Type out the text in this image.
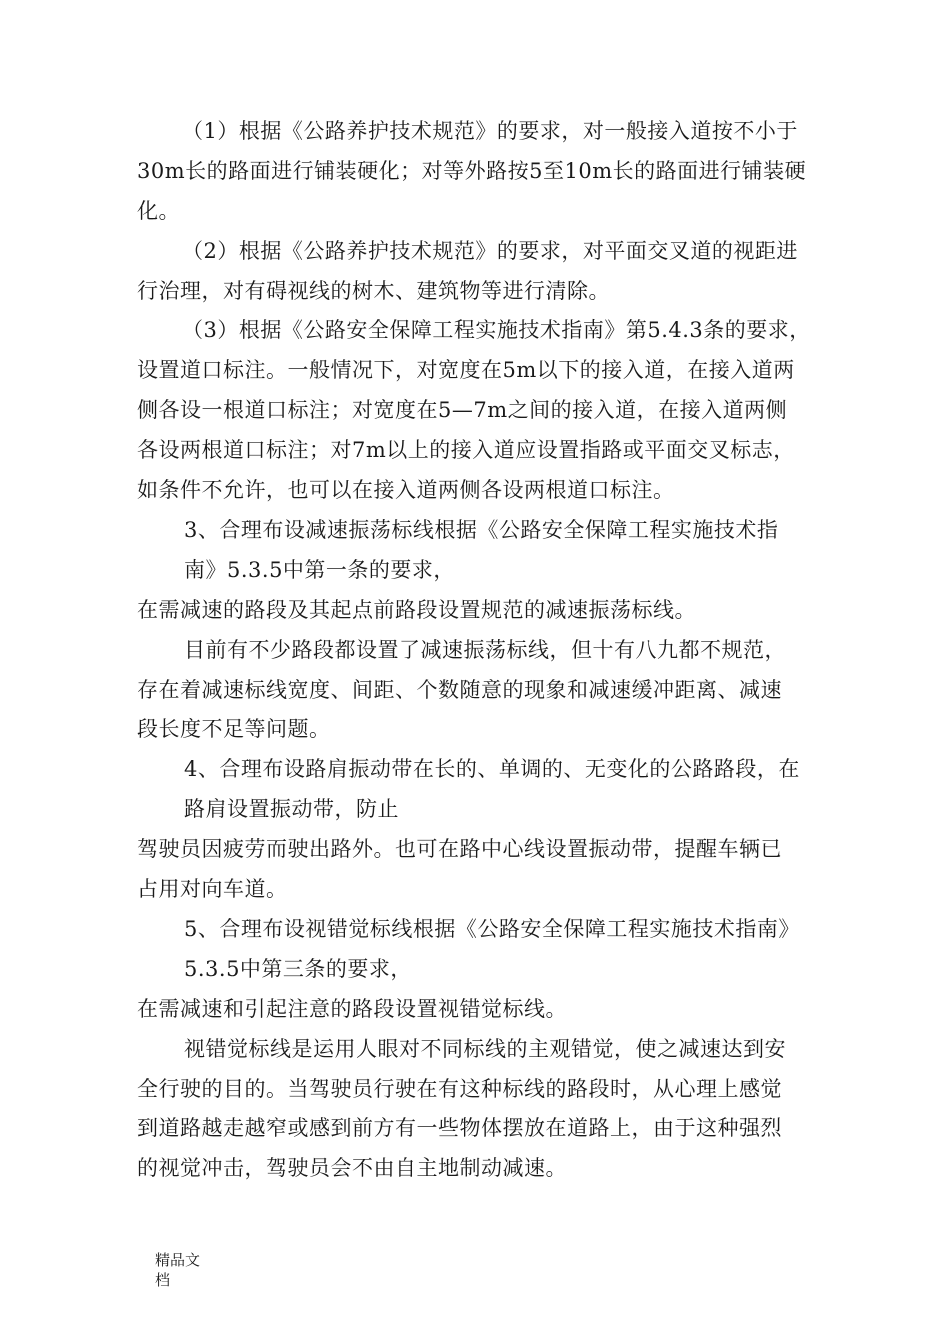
（1）根据《公路养护技术规范》的要求，对一般接入道按不小于
30m长的路面进行铺装硬化；对等外路按5至10m长的路面进行铺装硬
化。
（2）根据《公路养护技术规范》的要求，对平面交叉道的视距进
行治理，对有碍视线的树木、建筑物等进行清除。
（3）根据《公路安全保障工程实施技术指南》第5.4.3条的要求，
设置道口标注。一般情况下，对宽度在5m以下的接入道，在接入道两
侧各设一根道口标注；对宽度在5—7m之间的接入道，在接入道两侧
各设两根道口标注；对7m以上的接入道应设置指路或平面交叉标志，
如条件不允许，也可以在接入道两侧各设两根道口标注。
3、合理布设减速振荡标线根据《公路安全保障工程实施技术指
南》5.3.5中第一条的要求，
在需减速的路段及其起点前路段设置规范的减速振荡标线。
目前有不少路段都设置了减速振荡标线，但十有八九都不规范，
存在着减速标线宽度、间距、个数随意的现象和减速缓冲距离、减速
段长度不足等问题。
4、合理布设路肩振动带在长的、单调的、无变化的公路路段，在
路肩设置振动带，防止
驾驶员因疲劳而驶出路外。也可在路中心线设置振动带，提醒车辆已
占用对向车道。
5、合理布设视错觉标线根据《公路安全保障工程实施技术指南》
5.3.5中第三条的要求，
在需减速和引起注意的路段设置视错觉标线。
视错觉标线是运用人眼对不同标线的主观错觉，使之减速达到安
全行驶的目的。当驾驶员行驶在有这种标线的路段时，从心理上感觉
到道路越走越窄或感到前方有一些物体摆放在道路上，由于这种强烈
的视觉冲击，驾驶员会不由自主地制动减速。
精品文
档
